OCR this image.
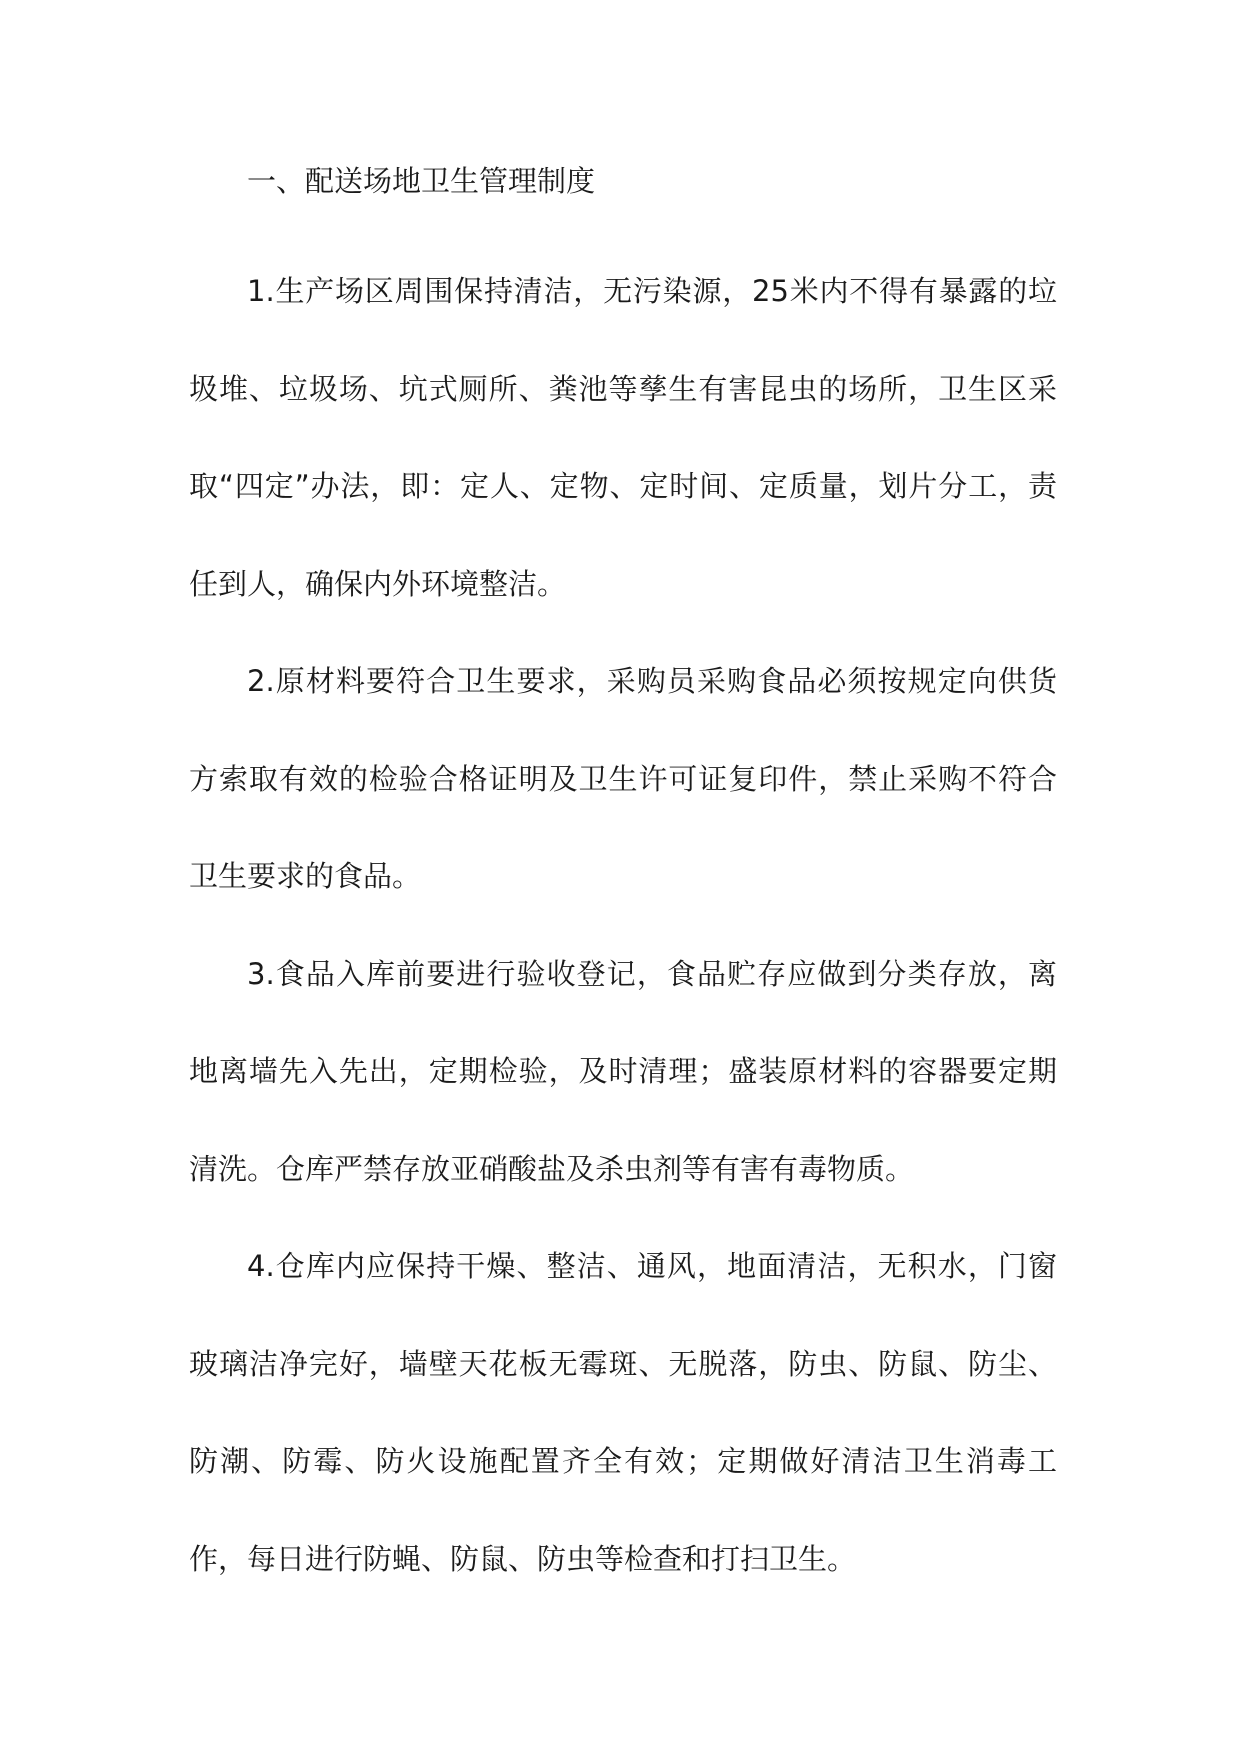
一、配送场地卫生管理制度

1.生产场区周围保持清洁，无污染源，25米内不得有暴露的垃圾堆、垃圾场、坑式厕所、粪池等孳生有害昆虫的场所，卫生区采取“四定”办法，即：定人、定物、定时间、定质量，划片分工，责任到人，确保内外环境整洁。

2.原材料要符合卫生要求，采购员采购食品必须按规定向供货方索取有效的检验合格证明及卫生许可证复印件，禁止采购不符合卫生要求的食品。

3.食品入库前要进行验收登记，食品贮存应做到分类存放，离地离墙先入先出，定期检验，及时清理；盛装原材料的容器要定期清洗。仓库严禁存放亚硝酸盐及杀虫剂等有害有毒物质。

4.仓库内应保持干燥、整洁、通风，地面清洁，无积水，门窗玻璃洁净完好，墙壁天花板无霉斑、无脱落，防虫、防鼠、防尘、防潮、防霉、防火设施配置齐全有效；定期做好清洁卫生消毒工作，每日进行防蝇、防鼠、防虫等检查和打扫卫生。
